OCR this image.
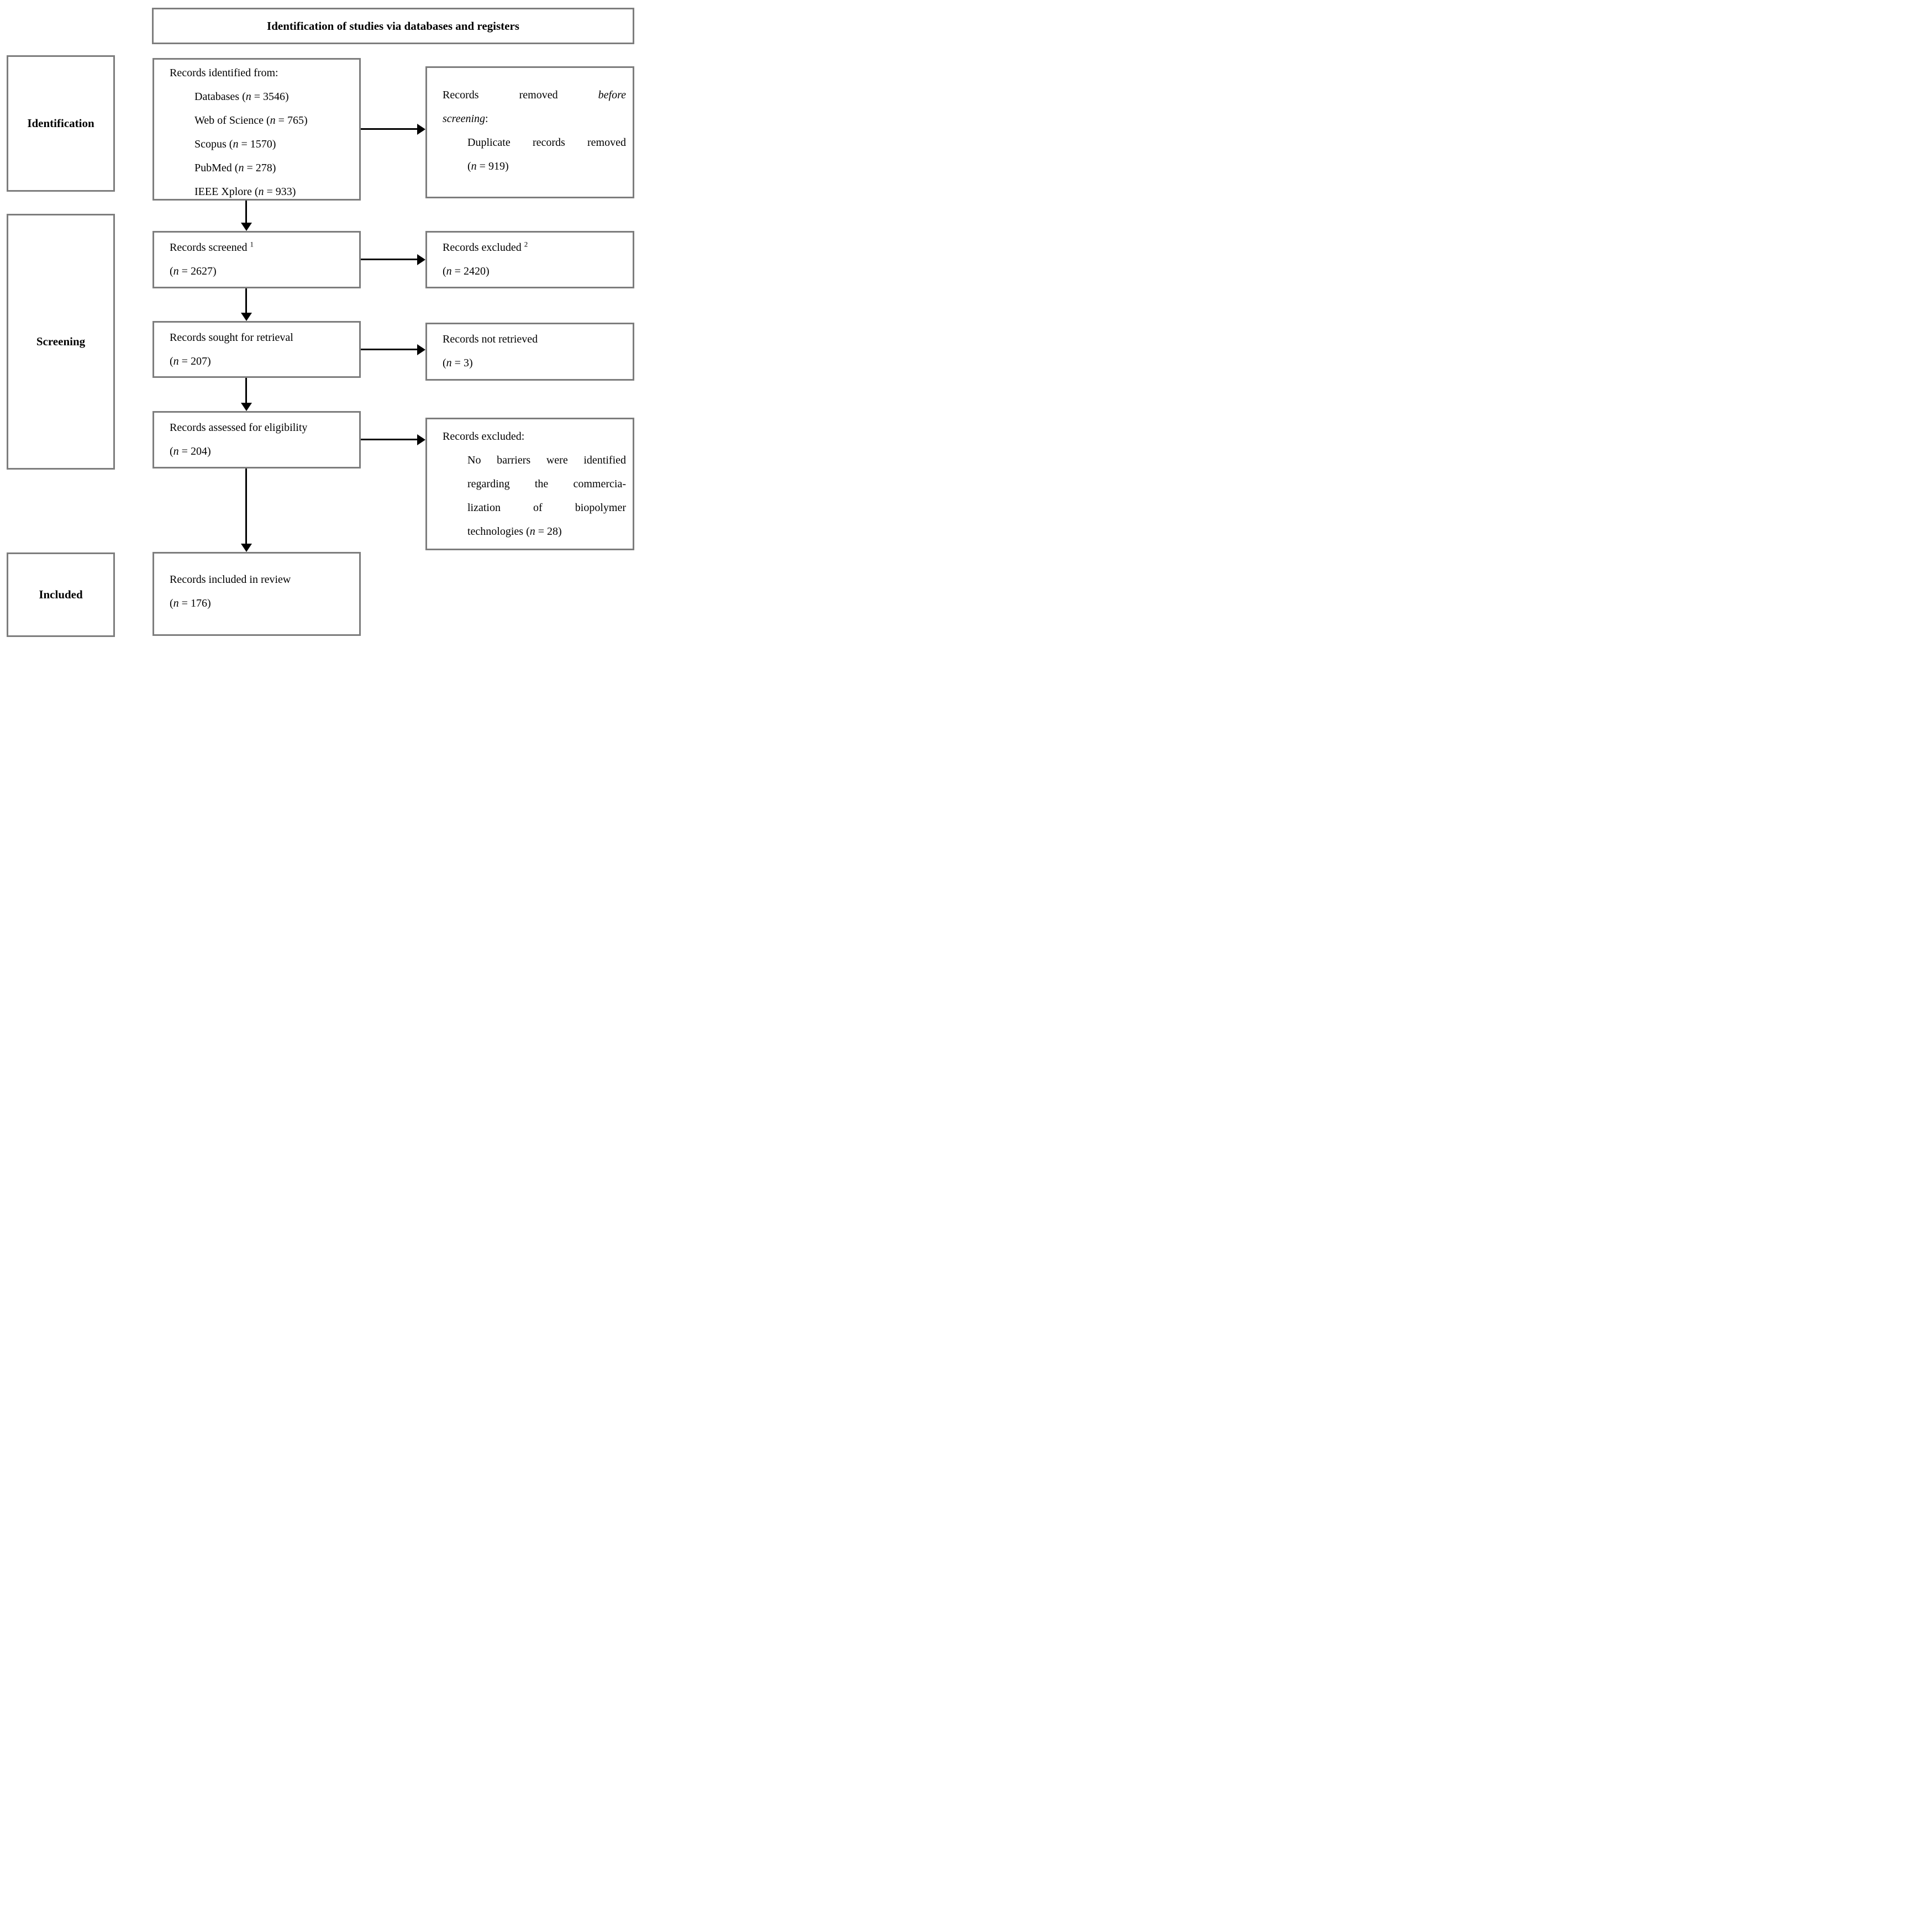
Identification of studies via databases and registers
Identification
Screening
Included
Records identified from:
Databases (n = 3546)
Web of Science (n = 765)
Scopus (n = 1570)
PubMed (n = 278)
IEEE Xplore (n = 933)
Records screened $^1$
(n = 2627)
Records sought for retrieval
(n = 207)
Records assessed for eligibility
(n = 204)
Records included in review
(n = 176)
Records removed before
screening:
Duplicate records removed
(n = 919)
Records excluded $^2$
(n = 2420)
Records not retrieved
(n = 3)
Records excluded:
No barriers were identified
regarding the commercia-
lization of biopolymer
technologies (n = 28)
